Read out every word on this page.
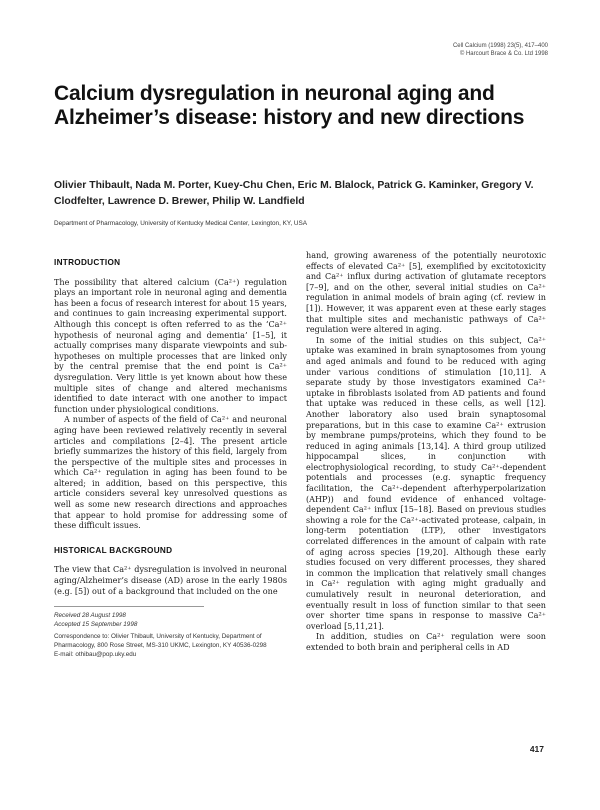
Cell Calcium (1998) 23(5), 417–400
© Harcourt Brace & Co. Ltd 1998
Calcium dysregulation in neuronal aging and Alzheimer’s disease: history and new directions
Olivier Thibault, Nada M. Porter, Kuey-Chu Chen, Eric M. Blalock, Patrick G. Kaminker, Gregory V. Clodfelter, Lawrence D. Brewer, Philip W. Landfield
Department of Pharmacology, University of Kentucky Medical Center, Lexington, KY, USA
INTRODUCTION

The possibility that altered calcium (Ca²⁺) regulation plays an important role in neuronal aging and dementia has been a focus of research interest for about 15 years, and continues to gain increasing experimental support. Although this concept is often referred to as the ‘Ca²⁺ hypothesis of neuronal aging and dementia’ [1–5], it actually comprises many disparate viewpoints and sub-hypotheses on multiple processes that are linked only by the central premise that the end point is Ca²⁺ dysregulation. Very little is yet known about how these multiple sites of change and altered mechanisms identified to date interact with one another to impact function under physiological conditions.

A number of aspects of the field of Ca²⁺ and neuronal aging have been reviewed relatively recently in several articles and compilations [2–4]. The present article briefly summarizes the history of this field, largely from the perspective of the multiple sites and processes in which Ca²⁺ regulation in aging has been found to be altered; in addition, based on this perspective, this article considers several key unresolved questions as well as some new research directions and approaches that appear to hold promise for addressing some of these difficult issues.

HISTORICAL BACKGROUND

The view that Ca²⁺ dysregulation is involved in neuronal aging/Alzheimer’s disease (AD) arose in the early 1980s (e.g. [5]) out of a background that included on the one

Received 28 August 1998
Accepted 15 September 1998
Correspondence to: Olivier Thibault, University of Kentucky, Department of Pharmacology, 800 Rose Street, MS-310 UKMC, Lexington, KY 40536-0298
E-mail: othibau@pop.uky.edu

hand, growing awareness of the potentially neurotoxic effects of elevated Ca²⁺ [5], exemplified by excitotoxicity and Ca²⁺ influx during activation of glutamate receptors [7–9], and on the other, several initial studies on Ca²⁺ regulation in animal models of brain aging (cf. review in [1]). However, it was apparent even at these early stages that multiple sites and mechanistic pathways of Ca²⁺ regulation were altered in aging.

In some of the initial studies on this subject, Ca²⁺ uptake was examined in brain synaptosomes from young and aged animals and found to be reduced with aging under various conditions of stimulation [10,11]. A separate study by those investigators examined Ca²⁺ uptake in fibroblasts isolated from AD patients and found that uptake was reduced in these cells, as well [12]. Another laboratory also used brain synaptosomal preparations, but in this case to examine Ca²⁺ extrusion by membrane pumps/proteins, which they found to be reduced in aging animals [13,14]. A third group utilized hippocampal slices, in conjunction with electrophysiological recording, to study Ca²⁺-dependent potentials and processes (e.g. synaptic frequency facilitation, the Ca²⁺-dependent afterhyperpolarization (AHP)) and found evidence of enhanced voltage-dependent Ca²⁺ influx [15–18]. Based on previous studies showing a role for the Ca²⁺-activated protease, calpain, in long-term potentiation (LTP), other investigators correlated differences in the amount of calpain with rate of aging across species [19,20]. Although these early studies focused on very different processes, they shared in common the implication that relatively small changes in Ca²⁺ regulation with aging might gradually and cumulatively result in neuronal deterioration, and eventually result in loss of function similar to that seen over shorter time spans in response to massive Ca²⁺ overload [5,11,21].

In addition, studies on Ca²⁺ regulation were soon extended to both brain and peripheral cells in AD

417
